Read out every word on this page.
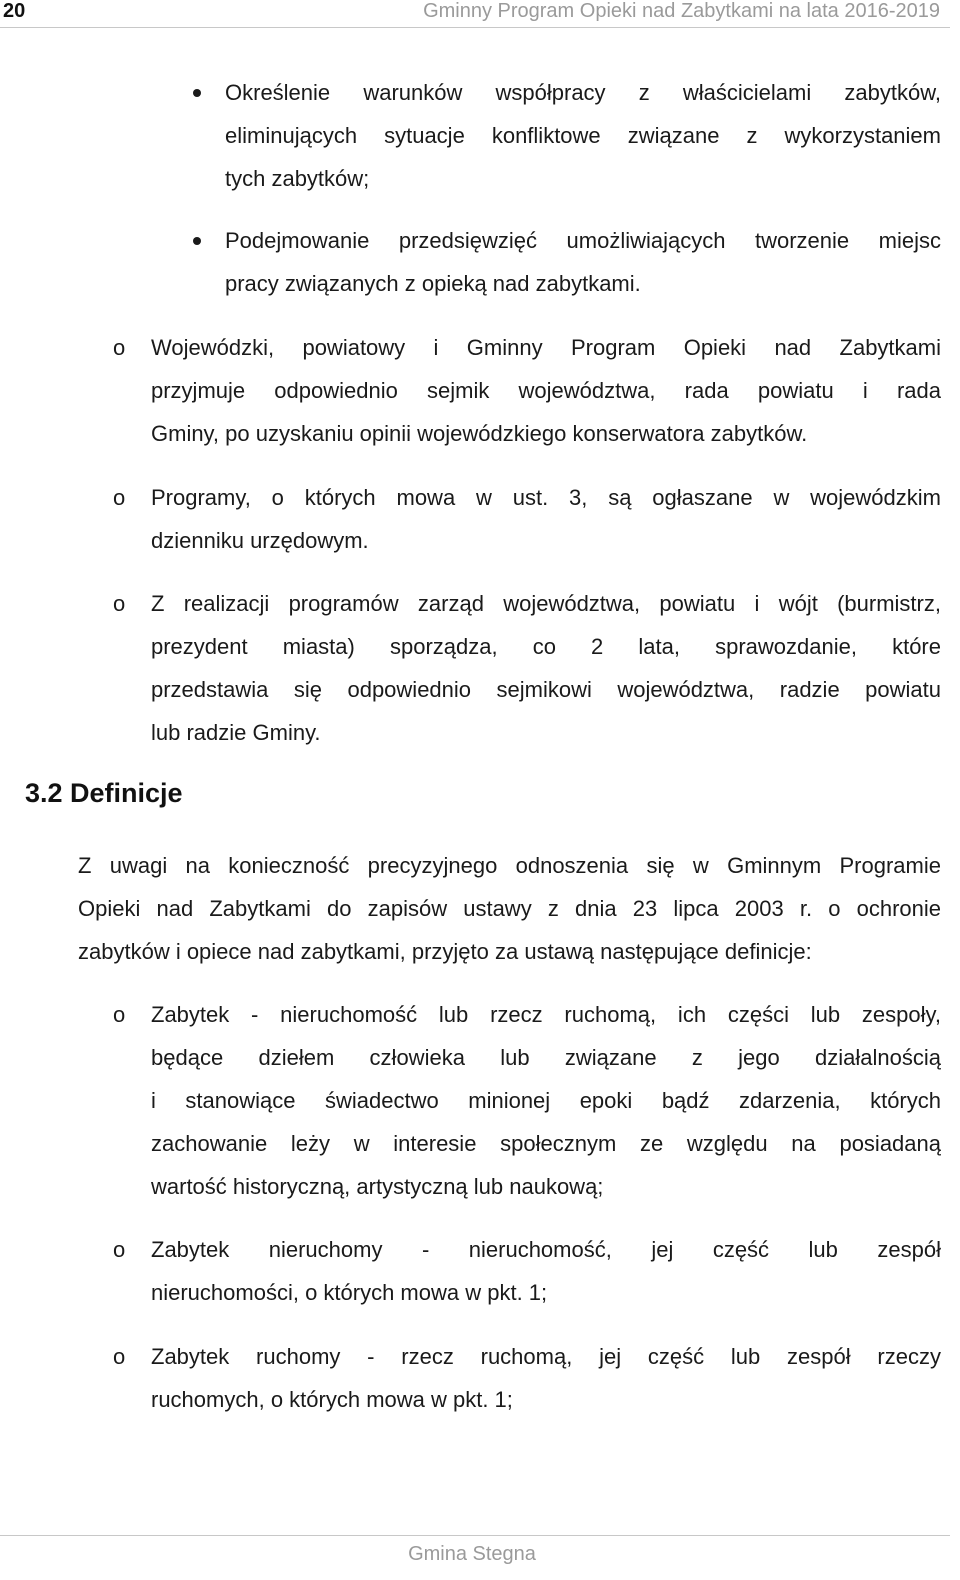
20	Gminny Program Opieki nad Zabytkami na lata 2016-2019
Określenie warunków współpracy z właścicielami zabytków,
eliminujących sytuacje konfliktowe związane z wykorzystaniem
tych zabytków;
Podejmowanie przedsięwzięć umożliwiających tworzenie miejsc
pracy związanych z opieką nad zabytkami.
o Wojewódzki, powiatowy i Gminny Program Opieki nad Zabytkami
przyjmuje odpowiednio sejmik województwa, rada powiatu i rada
Gminy, po uzyskaniu opinii wojewódzkiego konserwatora zabytków.
o Programy, o których mowa w ust. 3, są ogłaszane w wojewódzkim
dzienniku urzędowym.
o Z realizacji programów zarząd województwa, powiatu i wójt (burmistrz,
prezydent miasta) sporządza, co 2 lata, sprawozdanie, które
przedstawia się odpowiednio sejmikowi województwa, radzie powiatu
lub radzie Gminy.
3.2 Definicje
Z uwagi na konieczność precyzyjnego odnoszenia się w Gminnym Programie
Opieki nad Zabytkami do zapisów ustawy z dnia 23 lipca 2003 r. o ochronie
zabytków i opiece nad zabytkami, przyjęto za ustawą następujące definicje:
o Zabytek - nieruchomość lub rzecz ruchomą, ich części lub zespoły,
będące dziełem człowieka lub związane z jego działalnością
i stanowiące świadectwo minionej epoki bądź zdarzenia, których
zachowanie leży w interesie społecznym ze względu na posiadaną
wartość historyczną, artystyczną lub naukową;
o Zabytek nieruchomy - nieruchomość, jej część lub zespół
nieruchomości, o których mowa w pkt. 1;
o Zabytek ruchomy - rzecz ruchomą, jej część lub zespół rzeczy
ruchomych, o których mowa w pkt. 1;
Gmina Stegna
